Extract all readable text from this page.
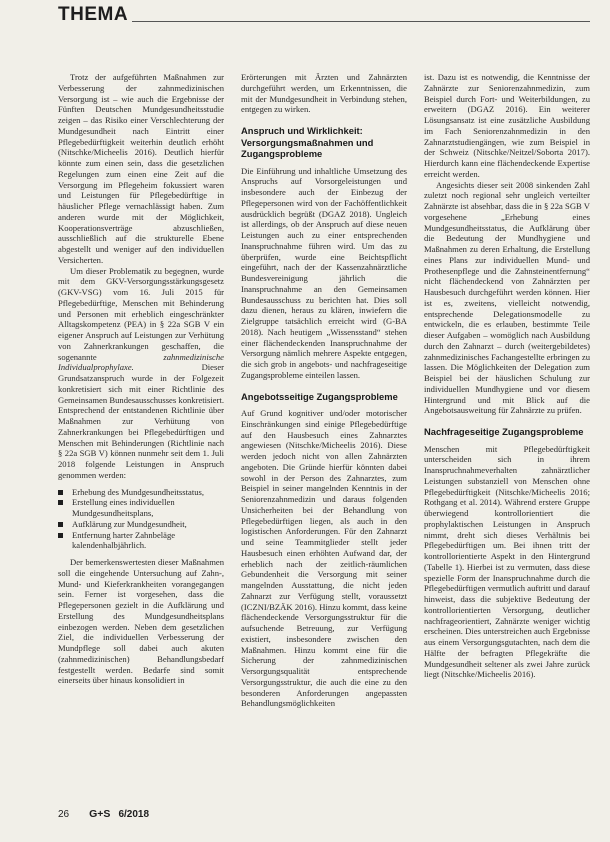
THEMA

Trotz der aufgeführten Maßnahmen zur Verbesserung der zahnmedizinischen Versorgung ist – wie auch die Ergebnisse der Fünften Deutschen Mundgesundheitsstudie zeigen – das Risiko einer Verschlechterung der Mundgesundheit nach Eintritt einer Pflegebedürftigkeit weiterhin deutlich erhöht (Nitschke/Micheelis 2016). Deutlich hierfür könnte zum einen sein, dass die gesetzlichen Regelungen zum einen eine Zeit auf die Versorgung im Pflegeheim fokussiert waren und Leistungen für Pflegebedürftige in häuslicher Pflege vernachlässigt haben. Zum anderen wurde mit der Möglichkeit, Kooperationsverträge abzuschließen, ausschließlich auf die strukturelle Ebene abgestellt und weniger auf den individuellen Versicherten.

Um dieser Problematik zu begegnen, wurde mit dem GKV-Versorgungsstärkungsgesetz (GKV-VSG) vom 16. Juli 2015 für Pflegebedürftige, Menschen mit Behinderung und Personen mit erheblich eingeschränkter Alltagskompetenz (PEA) in § 22a SGB V ein eigener Anspruch auf Leistungen zur Verhütung von Zahnerkrankungen geschaffen, die sogenannte	zahnmedizinische Individualprophylaxe.	Dieser Grundsatzanspruch wurde in der Folgezeit konkretisiert sich mit einer Richtlinie des Gemeinsamen Bundesausschusses konkretisiert. Entsprechend der entstandenen Richtlinie über Maßnahmen zur Verhütung von Zahnerkrankungen bei Pflegebedürftigen und Menschen mit Behinderungen (Richtlinie nach § 22a SGB V) können nunmehr seit dem 1. Juli 2018 folgende Leistungen in Anspruch genommen werden:

Erhebung des Mundgesundheitsstatus,
Erstellung eines individuellen Mundgesundheitsplans,
Aufklärung zur Mundgesundheit,
Entfernung harter Zahnbeläge kalendenhalbjährlich.

Der bemerkenswertesten dieser Maßnahmen soll die eingehende Untersuchung auf Zahn-, Mund- und Kieferkrankheiten vorangegangen sein. Ferner ist vorgesehen, dass die Pflegepersonen gezielt in die Aufklärung und Erstellung des Mundgesundheitsplans einbezogen werden. Neben dem gesetzlichen Ziel, die individuellen Verbesserung der Mundpflege soll dabei auch akuten (zahnmedizinischen) Behandlungsbedarf festgestellt werden. Bedarfe sind somit einerseits über hinaus konsolidiert in

Erörterungen mit Ärzten und Zahnärzten durchgeführt werden, um Erkenntnissen, die mit der Mundgesundheit in Verbindung stehen, entgegen zu wirken.

Anspruch und Wirklichkeit: Versorgungsmaßnahmen und Zugangsprobleme

Die Einführung und inhaltliche Umsetzung des Anspruchs auf Vorsorgeleistungen und insbesondere auch der Einbezug der Pflegepersonen wird von der Fachöffentlichkeit ausdrücklich begrüßt (DGAZ 2018). Ungleich ist allerdings, ob der Anspruch auf diese neuen Leistungen auch zu einer entsprechenden Inanspruchnahme führen wird. Um das zu überprüfen, wurde eine Beichtspflicht eingeführt, nach der der Kassenzahnärztliche Bundesvereinigung jährlich die Inanspruchnahme an den Gemeinsamen Bundesausschuss zu berichten hat. Dies soll dazu dienen, heraus zu klären, inwiefern die Zielgruppe tatsächlich erreicht wird (G-BA 2018). Nach heutigem „Wissensstand“ stehen einer flächendeckenden Inanspruchnahme der Versorgung nämlich mehrere Aspekte entgegen, die sich grob in angebots- und nachfrageseitige Zugangsprobleme einteilen lassen.

Angebotsseitige Zugangsprobleme

Auf Grund kognitiver und/oder motorischer Einschränkungen sind einige Pflegebedürftige auf den Hausbesuch eines Zahnarztes angewiesen (Nitschke/Micheelis 2016). Diese werden jedoch nicht von allen Zahnärzten angeboten. Die Gründe hierfür könnten dabei sowohl in der Person des Zahnarztes, zum Beispiel in seiner mangelnden Kenntnis in der Seniorenzahnmedizin und daraus folgenden Unsicherheiten bei der Behandlung von Pflegebedürftigen liegen, als auch in den logistischen Anforderungen. Für den Zahnarzt und seine Teammitglieder stellt jeder Hausbesuch einen erhöhten Aufwand dar, der erheblich nach der zeitlich-räumlichen Gebundenheit die Versorgung mit seiner mangelnden Ausstattung, die nicht jeden Zahnarzt zur Verfügung stellt, voraussetzt (ICZNI/BZÄK 2016). Hinzu kommt, dass keine flächendeckende Versorgungsstruktur für die aufsuchende Betreuung, zur Verfügung existiert, insbesondere zwischen den Maßnahmen. Hinzu kommt eine für die Sicherung der zahnmedizinischen Versorgungsqualität entsprechende Versorgungsstruktur, die auch die eine zu den besonderen Anforderungen angepassten Behandlungsmöglichkeiten

ist. Dazu ist es notwendig, die Kenntnisse der Zahnärzte zur Seniorenzahnmedizin, zum Beispiel durch Fort- und Weiterbildungen, zu erweitern (DGAZ 2016). Ein weiterer Lösungsansatz ist eine zusätzliche Ausbildung im Fach Seniorenzahnmedizin in den Zahnarztstudiengängen, wie zum Beispiel in der Schweiz (Nitschke/Neitzel/Soborta 2017). Hierdurch kann eine flächendeckende Expertise erreicht werden.

Angesichts dieser seit 2008 sinkenden Zahl zuletzt noch regional sehr ungleich verteilter Zahnärzte ist absehbar, dass die in § 22a SGB V vorgesehene „Erhebung eines Mundgesundheitsstatus, die Aufklärung über die Bedeutung der Mundhygiene und Maßnahmen zu deren Erhaltung, die Erstellung eines Plans zur individuellen Mund- und Prothesenpflege und die Zahnsteinentfernung“ nicht flächendeckend von Zahnärzten per Hausbesuch durchgeführt werden können. Hier ist es, zweitens, vielleicht notwendig, entsprechende Delegationsmodelle zu entwickeln, die es erlauben, bestimmte Teile dieser Aufgaben – womöglich nach Ausbildung durch den Zahnarzt – durch (weitergebildetes) zahnmedizinisches Fachangestellte erbringen zu lassen. Die Möglichkeiten der Delegation zum Beispiel bei der häuslichen Schulung zur individuellen Mundhygiene und vor diesem Hintergrund und mit Blick auf die Angebotsausweitung für Zahnärzte zu prüfen.

Nachfrageseitige Zugangsprobleme

Menschen mit Pflegebedürftigkeit unterscheiden sich in ihrem Inanspruchnahmeverhalten zahnärztlicher Leistungen substanziell von Menschen ohne Pflegebedürftigkeit (Nitschke/Micheelis 2016; Rothgang et al. 2014). Während erstere Gruppe überwiegend kontrollorientiert die prophylaktischen Leistungen in Anspruch nimmt, dreht sich dieses Verhältnis bei Pflegebedürftigen um. Bei ihnen tritt der kontrollorientierte Aspekt in den Hintergrund (Tabelle 1). Hierbei ist zu vermuten, dass diese spezielle Form der Inanspruchnahme durch die Pflegebedürftigen vermutlich auftritt und darauf hinweist, dass die subjektive Bedeutung der kontrollorientierten Versorgung, deutlicher nachfrageorientiert, Zahnärzte weniger wichtig erscheinen. Dies unterstreichen auch Ergebnisse aus einem Versorgungsgutachten, nach dem die Hälfte der befragten Pflegekräfte die Mundgesundheit seltener als zwei Jahre zurück liegt (Nitschke/Micheelis 2016).

26 G+S 6/2018
